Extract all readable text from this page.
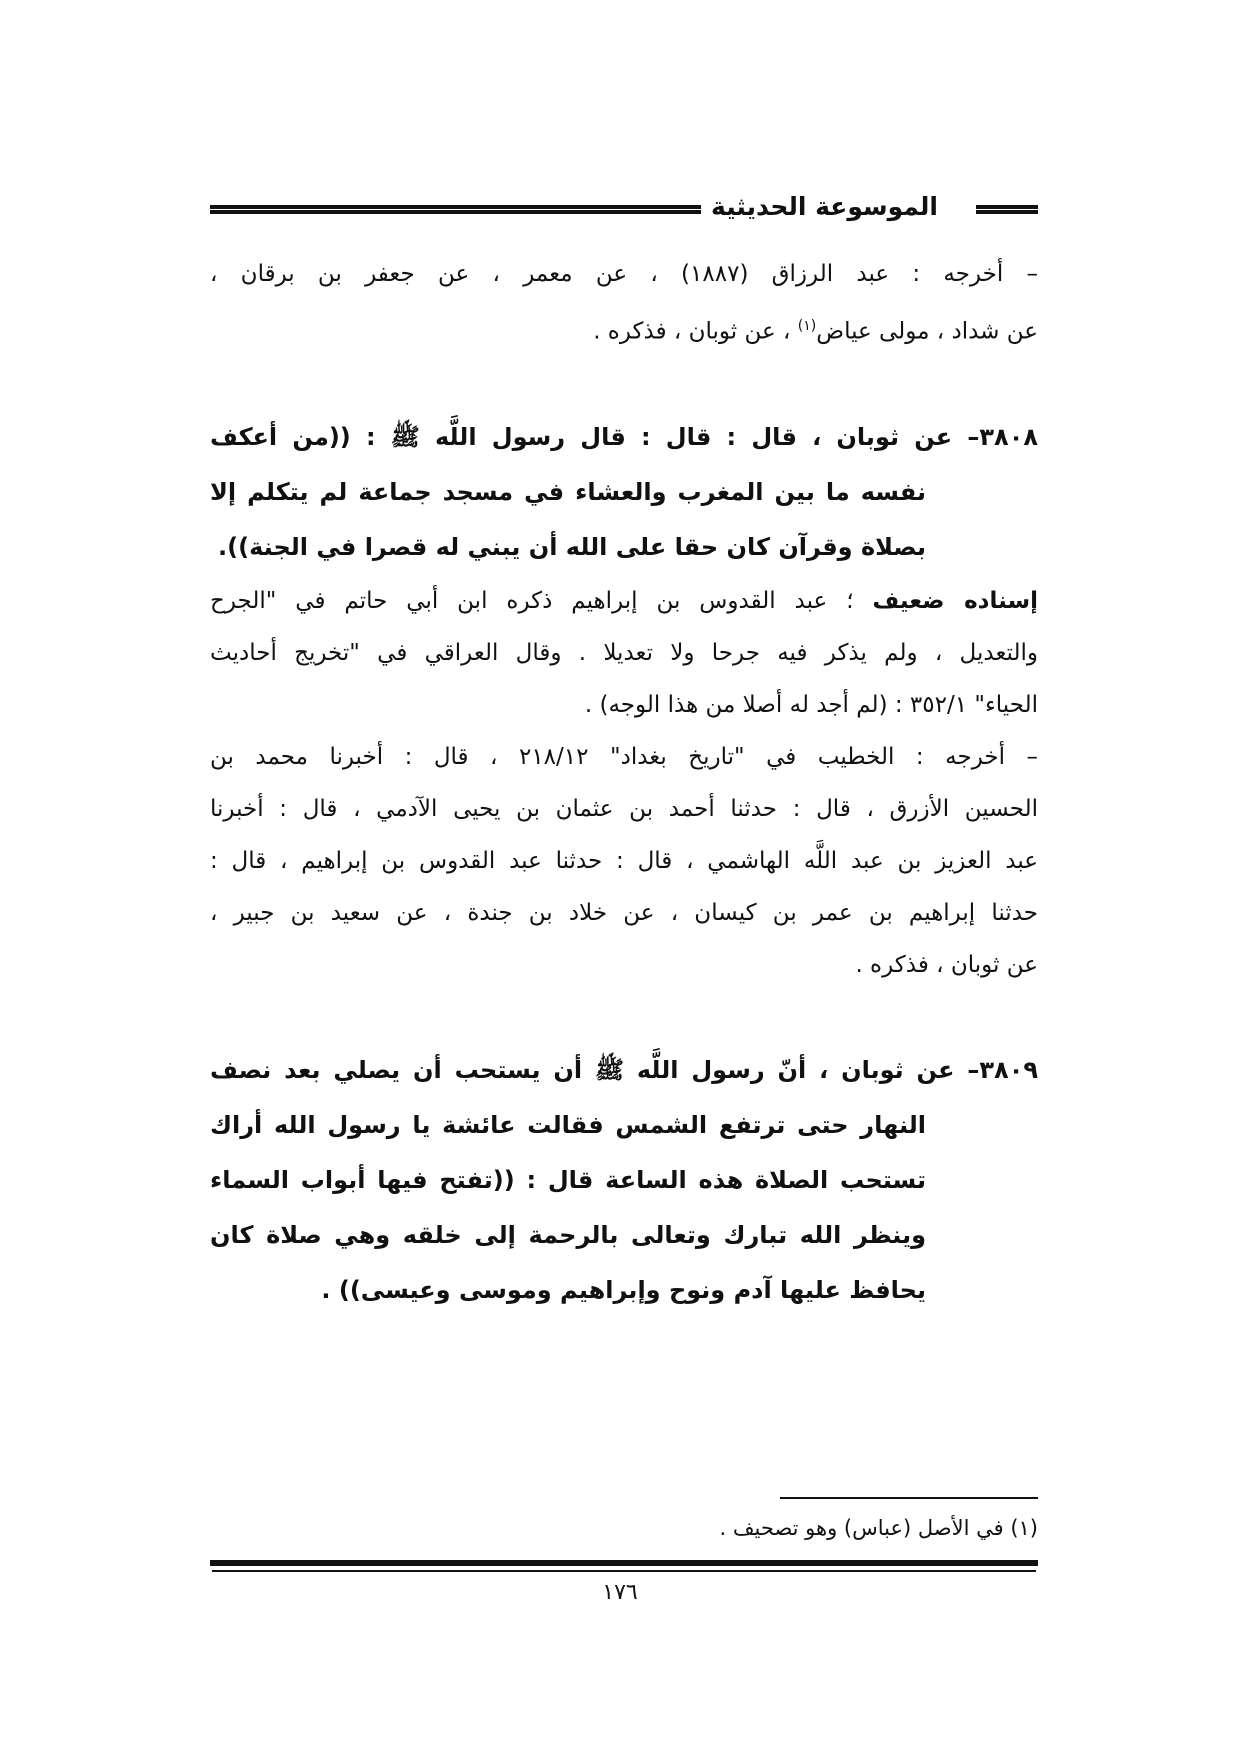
الموسوعة الحديثية
– أخرجه : عبد الرزاق (١٨٨٧) ، عن معمر ، عن جعفر بن برقان ،
عن شداد ، مولى عياض$^{(١)}$ ، عن ثوبان ، فذكره .
٣٨٠٨– عن ثوبان ، قال : قال : قال رسول اللَّه ﷺ : ((من أعكف
نفسه ما بين المغرب والعشاء في مسجد جماعة لم يتكلم إلا
بصلاة وقرآن كان حقا على الله أن يبني له قصرا في الجنة)).
إسناده ضعيف ؛ عبد القدوس بن إبراهيم ذكره ابن أبي حاتم في "الجرح
والتعديل ، ولم يذكر فيه جرحا ولا تعديلا . وقال العراقي في "تخريج أحاديث
الحياء" ٣٥٢/١ : (لم أجد له أصلا من هذا الوجه) .
– أخرجه : الخطيب في "تاريخ بغداد" ٢١٨/١٢ ، قال : أخبرنا محمد بن
الحسين الأزرق ، قال : حدثنا أحمد بن عثمان بن يحيى الآدمي ، قال : أخبرنا
عبد العزيز بن عبد اللَّه الهاشمي ، قال : حدثنا عبد القدوس بن إبراهيم ، قال :
حدثنا إبراهيم بن عمر بن كيسان ، عن خلاد بن جندة ، عن سعيد بن جبير ،
عن ثوبان ، فذكره .
٣٨٠٩– عن ثوبان ، أنّ رسول اللَّه ﷺ أن يستحب أن يصلي بعد نصف
النهار حتى ترتفع الشمس فقالت عائشة يا رسول الله أراك
تستحب الصلاة هذه الساعة قال : ((تفتح فيها أبواب السماء
وينظر الله تبارك وتعالى بالرحمة إلى خلقه وهي صلاة كان
يحافظ عليها آدم ونوح وإبراهيم وموسى وعيسى)) .
(١) في الأصل (عباس) وهو تصحيف .
١٧٦
